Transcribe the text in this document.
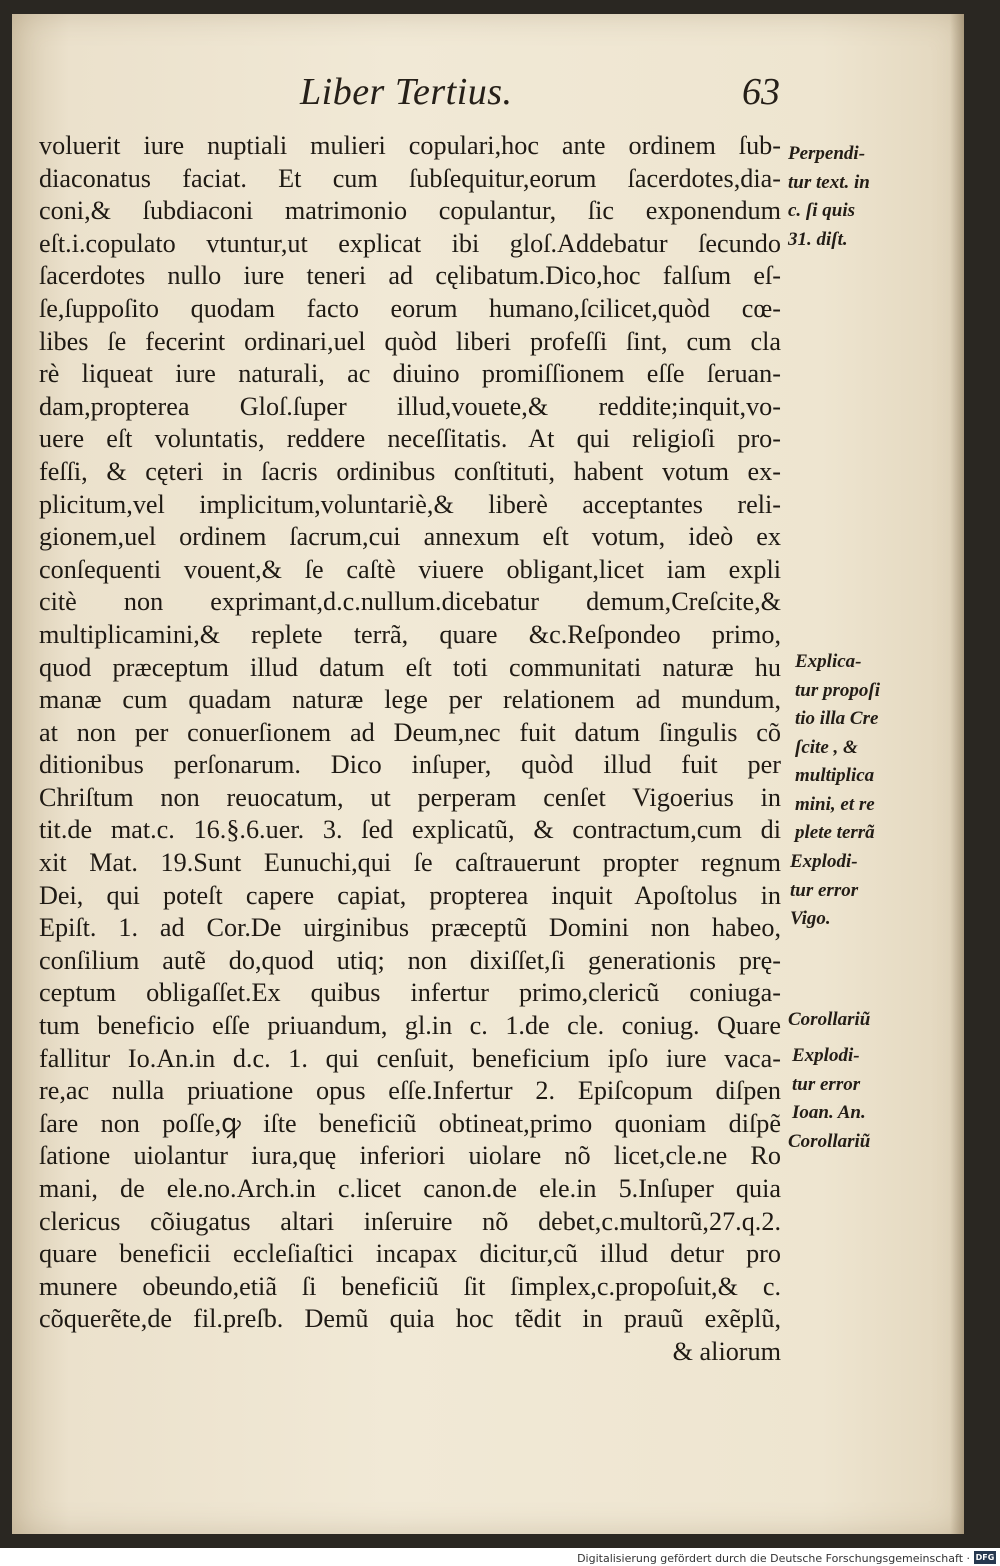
Liber Tertius.	63
voluerit iure nuptiali mulieri copulari,hoc ante ordinem ſub-
diaconatus faciat. Et cum ſubſequitur,eorum ſacerdotes,dia-
coni,& ſubdiaconi matrimonio copulantur, ſic exponendum
eſt.i.copulato vtuntur,ut explicat ibi gloſ.Addebatur ſecundo
ſacerdotes nullo iure teneri ad cęlibatum.Dico,hoc falſum eſ-
ſe,ſuppoſito quodam facto eorum humano,ſcilicet,quòd cœ-
libes ſe fecerint ordinari,uel quòd liberi profeſſi ſint, cum cla
rè liqueat iure naturali, ac diuino promiſſionem eſſe ſeruan-
dam,propterea Gloſ.ſuper illud,vouete,& reddite;inquit,vo-
uere eſt voluntatis, reddere neceſſitatis. At qui religioſi pro-
feſſi, & cęteri in ſacris ordinibus conſtituti, habent votum ex-
plicitum,vel implicitum,voluntariè,& liberè acceptantes reli-
gionem,uel ordinem ſacrum,cui annexum eſt votum, ideò ex
conſequenti vouent,& ſe caſtè viuere obligant,licet iam expli
citè non exprimant,d.c.nullum.dicebatur demum,Creſcite,&
multiplicamini,& replete terrã, quare &c.Reſpondeo primo,
quod præceptum illud datum eſt toti communitati naturæ hu
manæ cum quadam naturæ lege per relationem ad mundum,
at non per conuerſionem ad Deum,nec fuit datum ſingulis cõ
ditionibus perſonarum. Dico inſuper, quòd illud fuit per
Chriſtum non reuocatum, ut perperam cenſet Vigoerius in
tit.de mat.c. 16.§.6.uer. 3. ſed explicatũ, & contractum,cum di
xit Mat. 19.Sunt Eunuchi,qui ſe caſtrauerunt propter regnum
Dei, qui poteſt capere capiat, propterea inquit Apoſtolus in
Epiſt. 1. ad Cor.De uirginibus præceptũ Domini non habeo,
conſilium autẽ do,quod utiq; non dixiſſet,ſi generationis prę-
ceptum obligaſſet.Ex quibus infertur primo,clericũ coniuga-
tum beneficio eſſe priuandum, gl.in c. 1.de cle. coniug. Quare
fallitur Io.An.in d.c. 1. qui cenſuit, beneficium ipſo iure vaca-
re,ac nulla priuatione opus eſſe.Infertur 2. Epiſcopum diſpen
ſare non poſſe,ꝙ iſte beneficiũ obtineat,primo quoniam diſpẽ
ſatione uiolantur iura,quę inferiori uiolare nõ licet,cle.ne Ro
mani, de ele.no.Arch.in c.licet canon.de ele.in 5.Inſuper quia
clericus cõiugatus altari inſeruire nõ debet,c.multorũ,27.q.2.
quare beneficii eccleſiaſtici incapax dicitur,cũ illud detur pro
munere obeundo,etiã ſi beneficiũ ſit ſimplex,c.propoſuit,& c.
cõquerẽte,de fil.preſb. Demũ quia hoc tẽdit in prauũ exẽplũ,
& aliorum
Perpendi-
tur text. in
c. ſi quis
31. diſt.
Explica-
tur propoſi
tio illa Cre
ſcite , &
multiplica
mini, et re
plete terrã
Explodi-
tur error
Vigo.
Corollariũ
Explodi-
tur error
Ioan. An.
Corollariũ
Digitalisierung gefördert durch die Deutsche Forschungsgemeinschaft · DFG
